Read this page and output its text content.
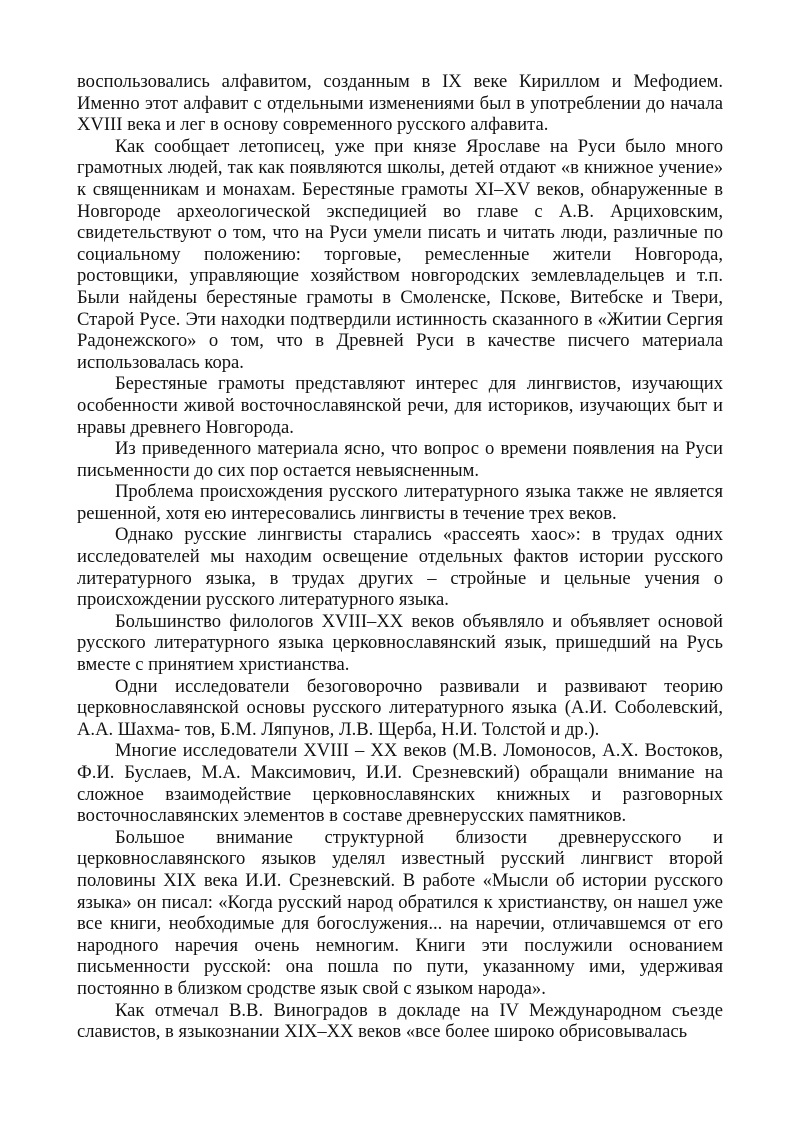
воспользовались алфавитом, созданным в IX веке Кириллом и Мефодием. Именно этот алфавит с отдельными изменениями был в употреблении до начала XVIII века и лег в основу современного русского алфавита.

Как сообщает летописец, уже при князе Ярославе на Руси было много грамотных людей, так как появляются школы, детей отдают «в книжное учение» к священникам и монахам. Берестяные грамоты XI–XV веков, обнаруженные в Новгороде археологической экспедицией во главе с А.В. Арциховским, свидетельствуют о том, что на Руси умели писать и читать люди, различные по социальному положению: торговые, ремесленные жители Новгорода, ростовщики, управляющие хозяйством новгородских землевладельцев и т.п. Были найдены берестяные грамоты в Смоленске, Пскове, Витебске и Твери, Старой Русе. Эти находки подтвердили истинность сказанного в «Житии Сергия Радонежского» о том, что в Древней Руси в качестве писчего материала использовалась кора.

Берестяные грамоты представляют интерес для лингвистов, изучающих особенности живой восточнославянской речи, для историков, изучающих быт и нравы древнего Новгорода.

Из приведенного материала ясно, что вопрос о времени появления на Руси письменности до сих пор остается невыясненным.

Проблема происхождения русского литературного языка также не является решенной, хотя ею интересовались лингвисты в течение трех веков.

Однако русские лингвисты старались «рассеять хаос»: в трудах одних исследователей мы находим освещение отдельных фактов истории русского литературного языка, в трудах других – стройные и цельные учения о происхождении русского литературного языка.

Большинство филологов XVIII–XX веков объявляло и объявляет основой русского литературного языка церковнославянский язык, пришедший на Русь вместе с принятием христианства.

Одни исследователи безоговорочно развивали и развивают теорию церковнославянской основы русского литературного языка (А.И. Соболевский, А.А. Шахма- тов, Б.М. Ляпунов, Л.В. Щерба, Н.И. Толстой и др.).

Многие исследователи XVIII – XX веков (М.В. Ломоносов, А.Х. Востоков, Ф.И. Буслаев, М.А. Максимович, И.И. Срезневский) обращали внимание на сложное взаимодействие церковнославянских книжных и разговорных восточнославянских элементов в составе древнерусских памятников.

Большое внимание структурной близости древнерусского и церковнославянского языков уделял известный русский лингвист второй половины XIX века И.И. Срезневский. В работе «Мысли об истории русского языка» он писал: «Когда русский народ обратился к христианству, он нашел уже все книги, необходимые для богослужения... на наречии, отличавшемся от его народного наречия очень немногим. Книги эти послужили основанием письменности русской: она пошла по пути, указанному ими, удерживая постоянно в близком сродстве язык свой с языком народа».

Как отмечал В.В. Виноградов в докладе на IV Международном съезде славистов, в языкознании XIX–XX веков «все более широко обрисовывалась
